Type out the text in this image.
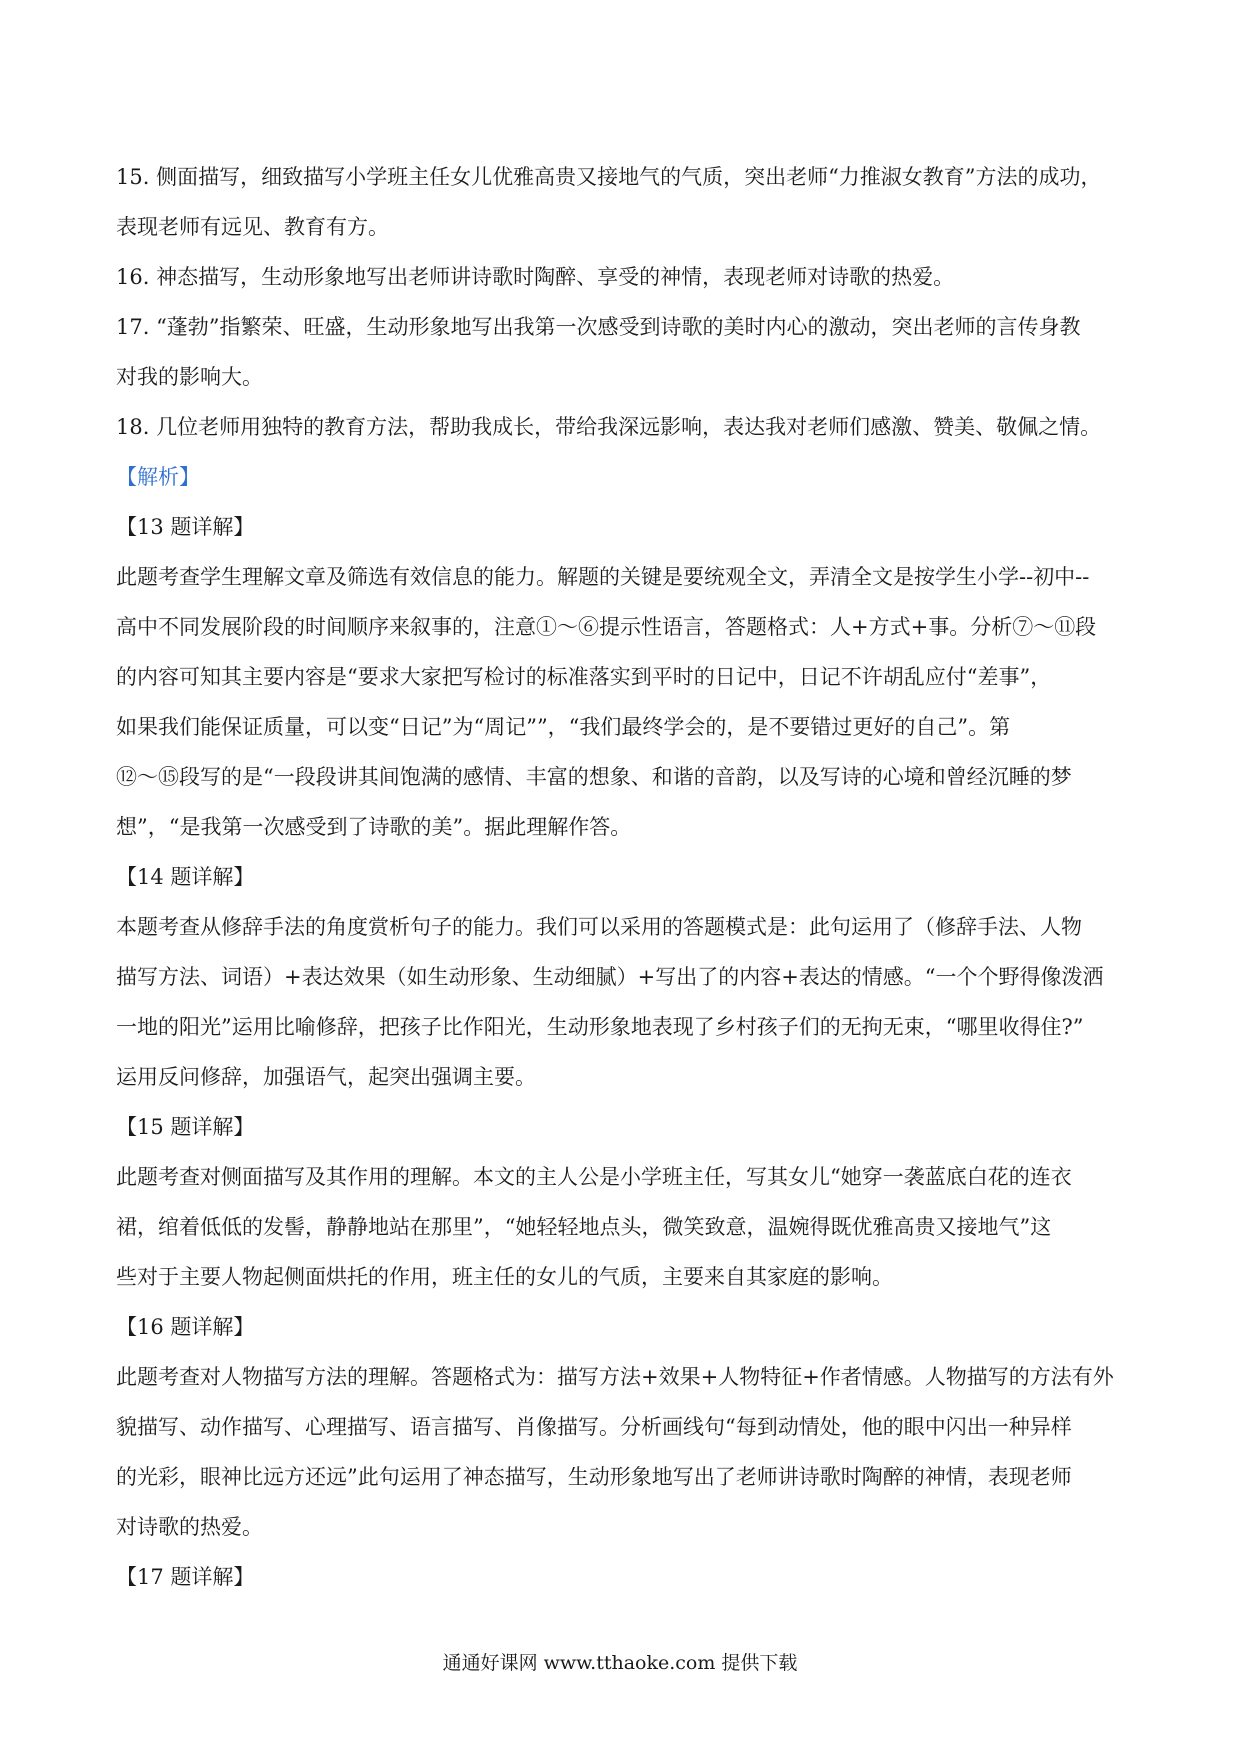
15. 侧面描写，细致描写小学班主任女儿优雅高贵又接地气的气质，突出老师“力推淑女教育”方法的成功，

表现老师有远见、教育有方。

16. 神态描写，生动形象地写出老师讲诗歌时陶醉、享受的神情，表现老师对诗歌的热爱。

17. “蓬勃”指繁荣、旺盛，生动形象地写出我第一次感受到诗歌的美时内心的激动，突出老师的言传身教

对我的影响大。

18. 几位老师用独特的教育方法，帮助我成长，带给我深远影响，表达我对老师们感激、赞美、敬佩之情。

【解析】

【13 题详解】

此题考查学生理解文章及筛选有效信息的能力。解题的关键是要统观全文，弄清全文是按学生小学--初中--

高中不同发展阶段的时间顺序来叙事的，注意①～⑥提示性语言，答题格式：人+方式+事。分析⑦～⑪段

的内容可知其主要内容是“要求大家把写检讨的标准落实到平时的日记中，日记不许胡乱应付“差事”，

如果我们能保证质量，可以变“日记”为“周记””，“我们最终学会的，是不要错过更好的自己”。第

⑫～⑮段写的是“一段段讲其间饱满的感情、丰富的想象、和谐的音韵，以及写诗的心境和曾经沉睡的梦

想”，“是我第一次感受到了诗歌的美”。据此理解作答。

【14 题详解】

本题考查从修辞手法的角度赏析句子的能力。我们可以采用的答题模式是：此句运用了（修辞手法、人物

描写方法、词语）+表达效果（如生动形象、生动细腻）+写出了的内容+表达的情感。“一个个野得像泼洒

一地的阳光”运用比喻修辞，把孩子比作阳光，生动形象地表现了乡村孩子们的无拘无束，“哪里收得住?”

运用反问修辞，加强语气，起突出强调主要。

【15 题详解】

此题考查对侧面描写及其作用的理解。本文的主人公是小学班主任，写其女儿“她穿一袭蓝底白花的连衣

裙，绾着低低的发髻，静静地站在那里”，“她轻轻地点头，微笑致意，温婉得既优雅高贵又接地气”这

些对于主要人物起侧面烘托的作用，班主任的女儿的气质，主要来自其家庭的影响。

【16 题详解】

此题考查对人物描写方法的理解。答题格式为：描写方法+效果+人物特征+作者情感。人物描写的方法有外

貌描写、动作描写、心理描写、语言描写、肖像描写。分析画线句“每到动情处，他的眼中闪出一种异样

的光彩，眼神比远方还远”此句运用了神态描写，生动形象地写出了老师讲诗歌时陶醉的神情，表现老师

对诗歌的热爱。

【17 题详解】

通通好课网 www.tthaoke.com 提供下载
